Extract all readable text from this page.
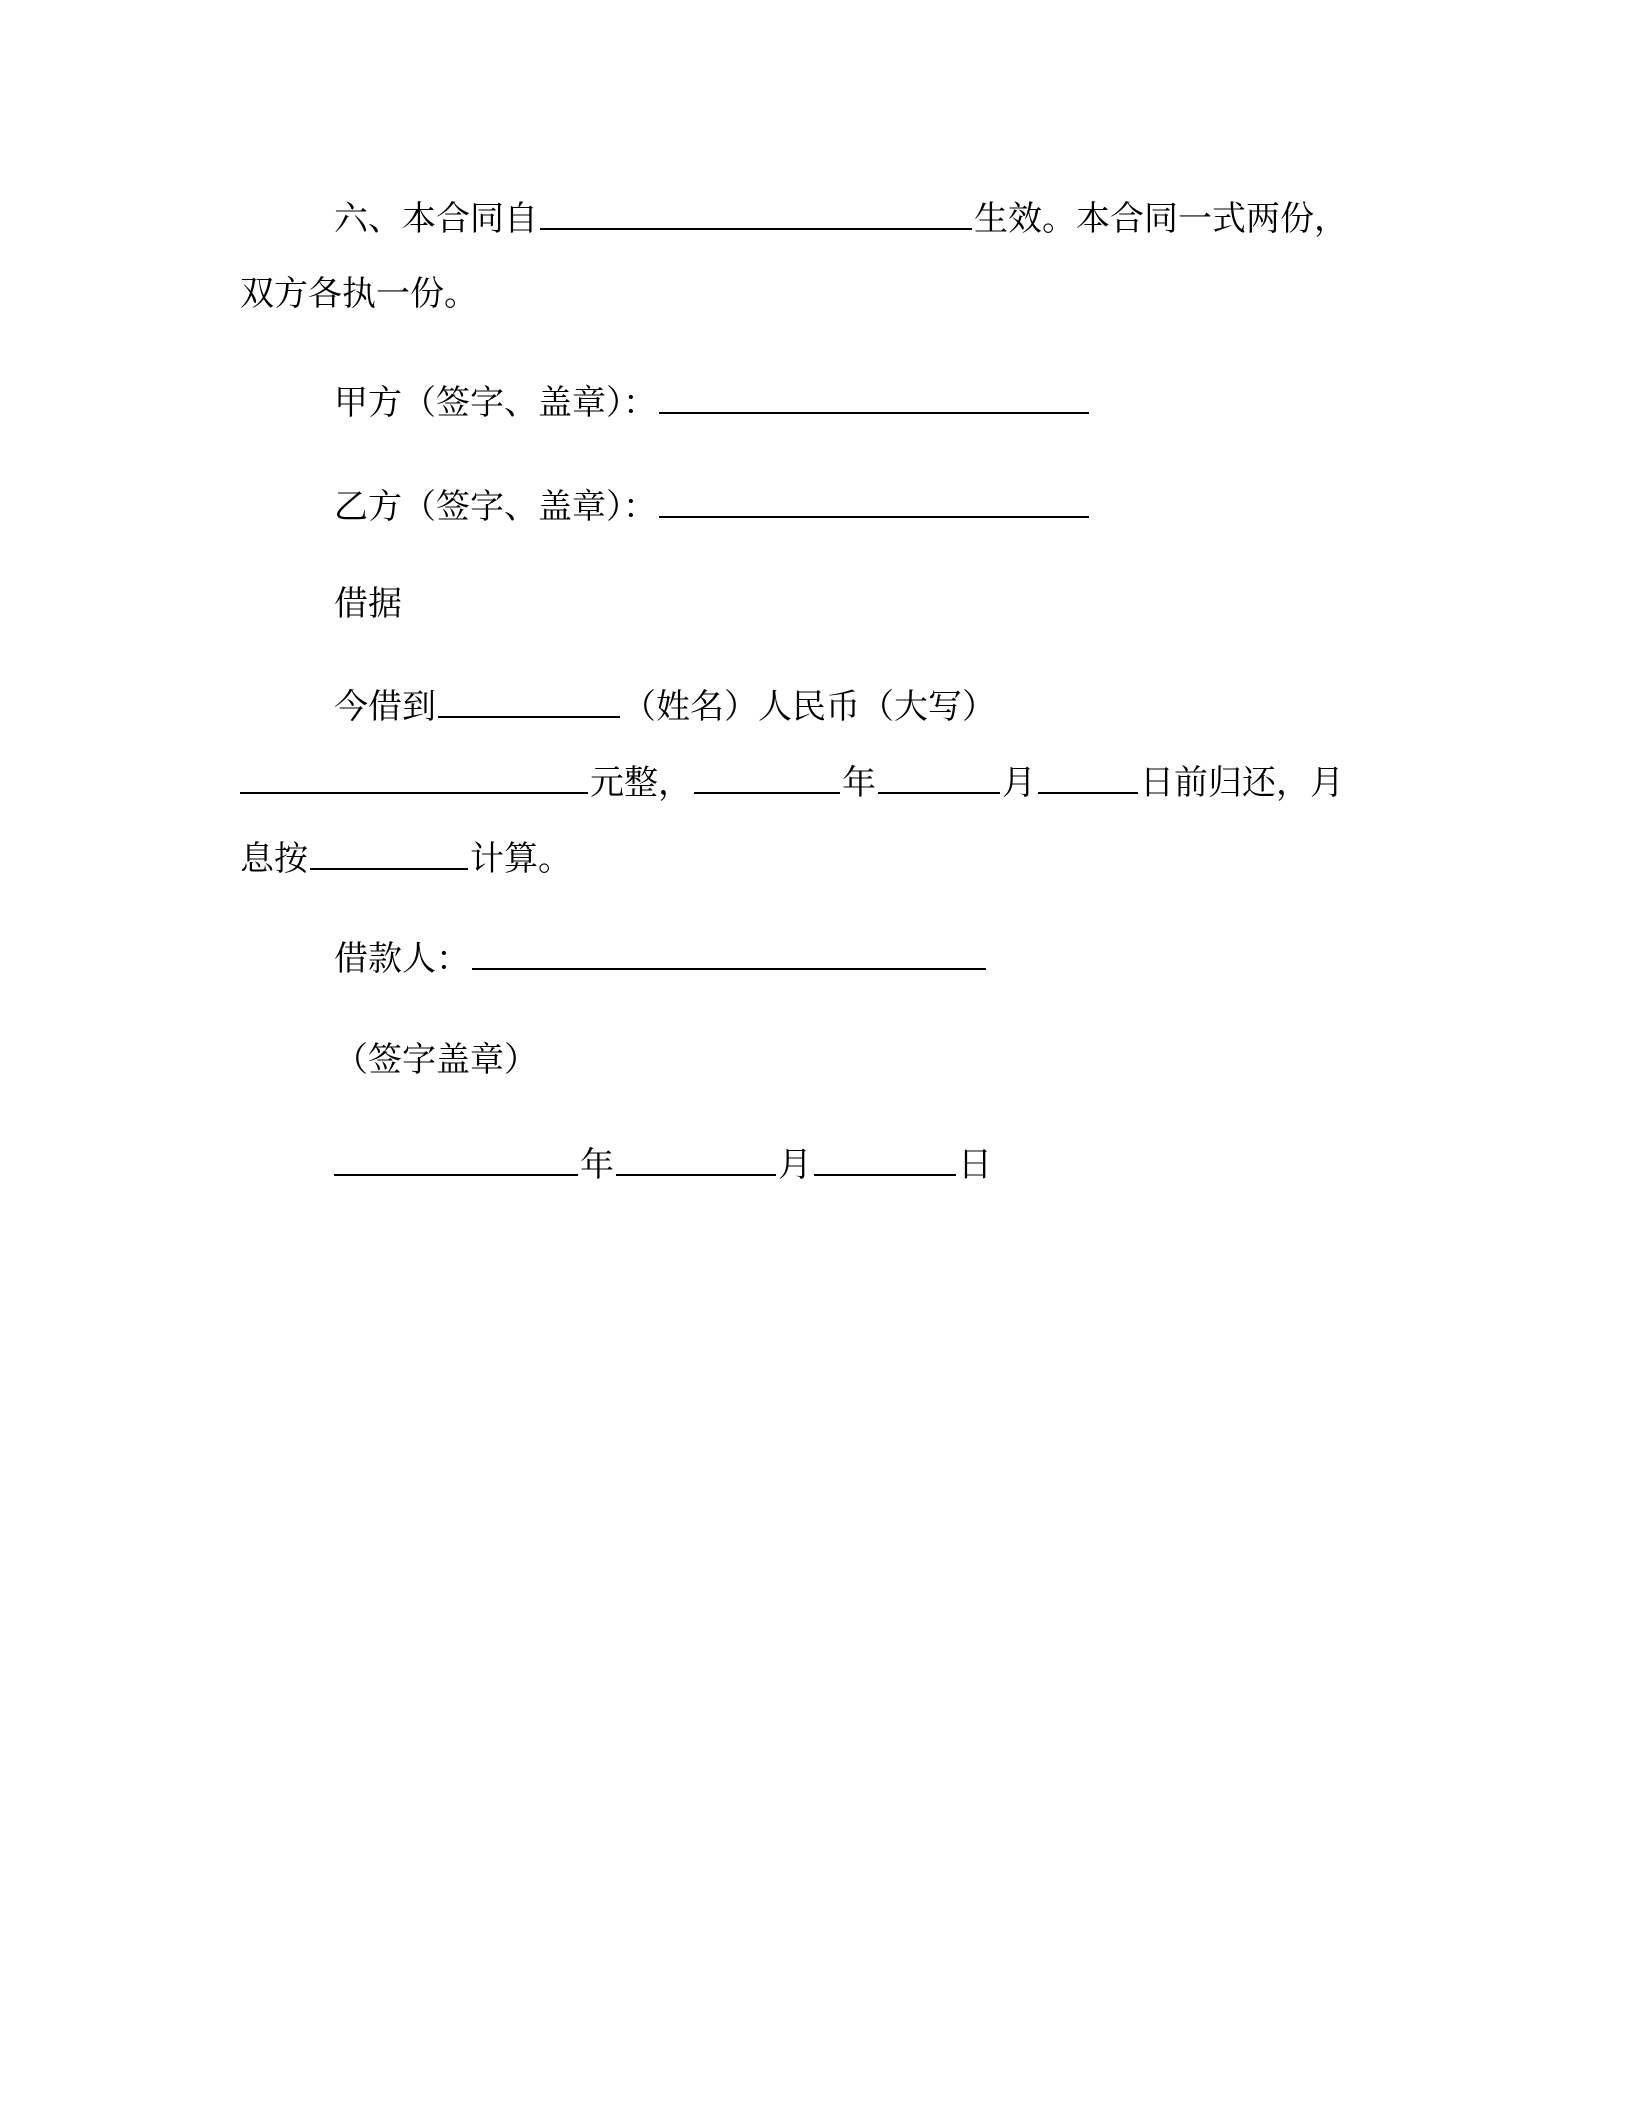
六、本合同自	生效。本合同一式两份，
双方各执一份。
甲方（签字、盖章）：
乙方（签字、盖章）：
借据
今借到	（姓名）人民币（大写）
元整，	年	月	日前归还，月
息按	计算。
借款人：
（签字盖章）
年	月	日
